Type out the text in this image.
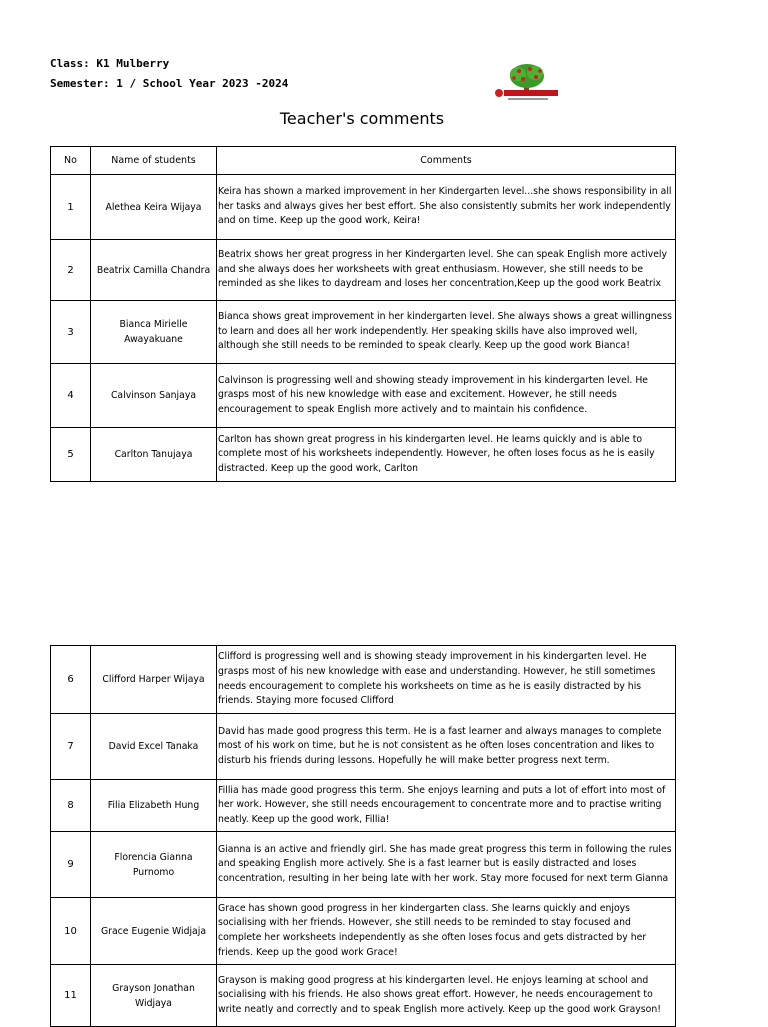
Class: K1 Mulberry
Semester: 1 / School Year 2023 -2024
Teacher's comments
No	Name of students	Comments
1	Alethea Keira Wijaya	Keira has shown a marked improvement in her Kindergarten level...she shows responsibility in all her tasks and always gives her best effort. She also consistently submits her work independently and on time. Keep up the good work, Keira!
2	Beatrix Camilla Chandra	Beatrix shows her great progress in her Kindergarten level. She can speak English more actively and she always does her worksheets with great enthusiasm. However, she still needs to be reminded as she likes to daydream and loses her concentration,Keep up the good work Beatrix
3	Bianca Mirielle Awayakuane	Bianca shows great improvement in her kindergarten level. She always shows a great willingness to learn and does all her work independently. Her speaking skills have also improved well, although she still needs to be reminded to speak clearly. Keep up the good work Bianca!
4	Calvinson Sanjaya	Calvinson is progressing well and showing steady improvement in his kindergarten level. He grasps most of his new knowledge with ease and excitement. However, he still needs encouragement to speak English more actively and to maintain his confidence.
5	Carlton Tanujaya	Carlton has shown great progress in his kindergarten level. He learns quickly and is able to complete most of his worksheets independently. However, he often loses focus as he is easily distracted. Keep up the good work, Carlton
6	Clifford Harper Wijaya	Clifford is progressing well and is showing steady improvement in his kindergarten level. He grasps most of his new knowledge with ease and understanding. However, he still sometimes needs encouragement to complete his worksheets on time as he is easily distracted by his friends. Staying more focused Clifford
7	David Excel Tanaka	David has made good progress this term. He is a fast learner and always manages to complete most of his work on time, but he is not consistent as he often loses concentration and likes to disturb his friends during lessons. Hopefully he will make better progress next term.
8	Filia Elizabeth Hung	Fillia has made good progress this term. She enjoys learning and puts a lot of effort into most of her work. However, she still needs encouragement to concentrate more and to practise writing neatly. Keep up the good work, Fillia!
9	Florencia Gianna Purnomo	Gianna is an active and friendly girl. She has made great progress this term in following the rules and speaking English more actively. She is a fast learner but is easily distracted and loses concentration, resulting in her being late with her work. Stay more focused for next term Gianna
10	Grace Eugenie Widjaja	Grace has shown good progress in her kindergarten class. She learns quickly and enjoys socialising with her friends. However, she still needs to be reminded to stay focused and complete her worksheets independently as she often loses focus and gets distracted by her friends. Keep up the good work Grace!
11	Grayson Jonathan Widjaya	Grayson is making good progress at his kindergarten level. He enjoys learning at school and socialising with his friends. He also shows great effort. However, he needs encouragement to write neatly and correctly and to speak English more actively. Keep up the good work Grayson!
